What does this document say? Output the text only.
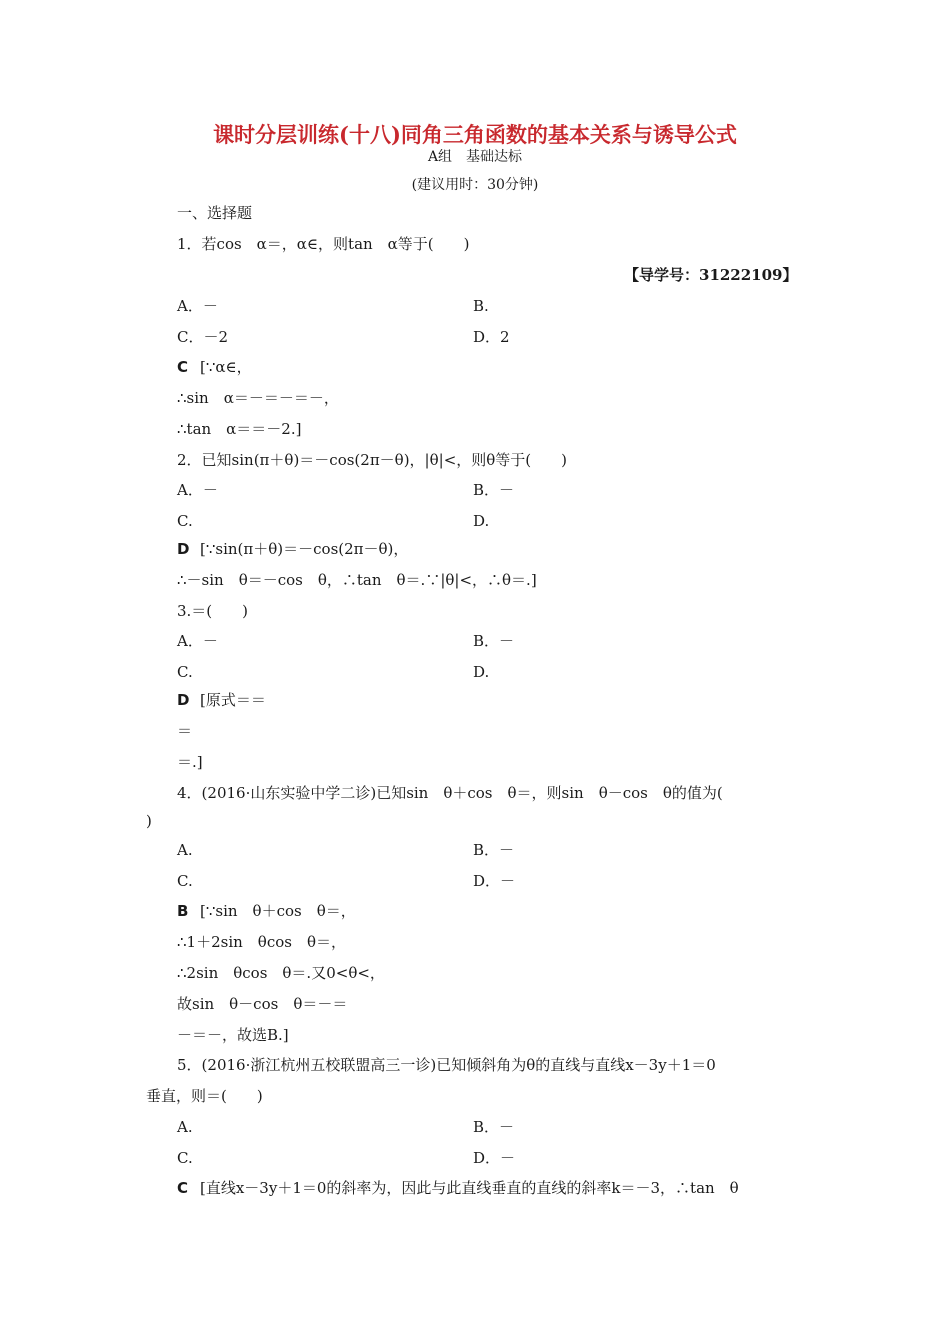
课时分层训练(十八)同角三角函数的基本关系与诱导公式
A组　基础达标
(建议用时：30分钟)
一、选择题
1．若cos　α＝，α∈，则tan　α等于(　　)
【导学号：31222109】
A．－	B.
C．－2	D．2
C [∵α∈，
∴sin　α＝－＝－＝－，
∴tan　α＝＝－2.]
2．已知sin(π＋θ)＝－cos(2π－θ)，|θ|<，则θ等于(　　)
A．－	B．－
C.	D.
D [∵sin(π＋θ)＝－cos(2π－θ)，
∴－sin　θ＝－cos　θ，∴tan　θ＝.∵|θ|<，∴θ＝.]
3.＝(　　)
A．－	B．－
C.	D.
D [原式＝＝
＝
＝.]
4．(2016·山东实验中学二诊)已知sin　θ＋cos　θ＝，则sin　θ－cos　θ的值为(
)
A.	B．－
C.	D．－
B [∵sin　θ＋cos　θ＝，
∴1＋2sin　θcos　θ＝，
∴2sin　θcos　θ＝.又0<θ<，
故sin　θ－cos　θ＝－＝
－＝－，故选B.]
5．(2016·浙江杭州五校联盟高三一诊)已知倾斜角为θ的直线与直线x－3y＋1＝0
垂直，则＝(　　)
A.	B．－
C.	D．－
C [直线x－3y＋1＝0的斜率为，因此与此直线垂直的直线的斜率k＝－3，∴tan　θ
